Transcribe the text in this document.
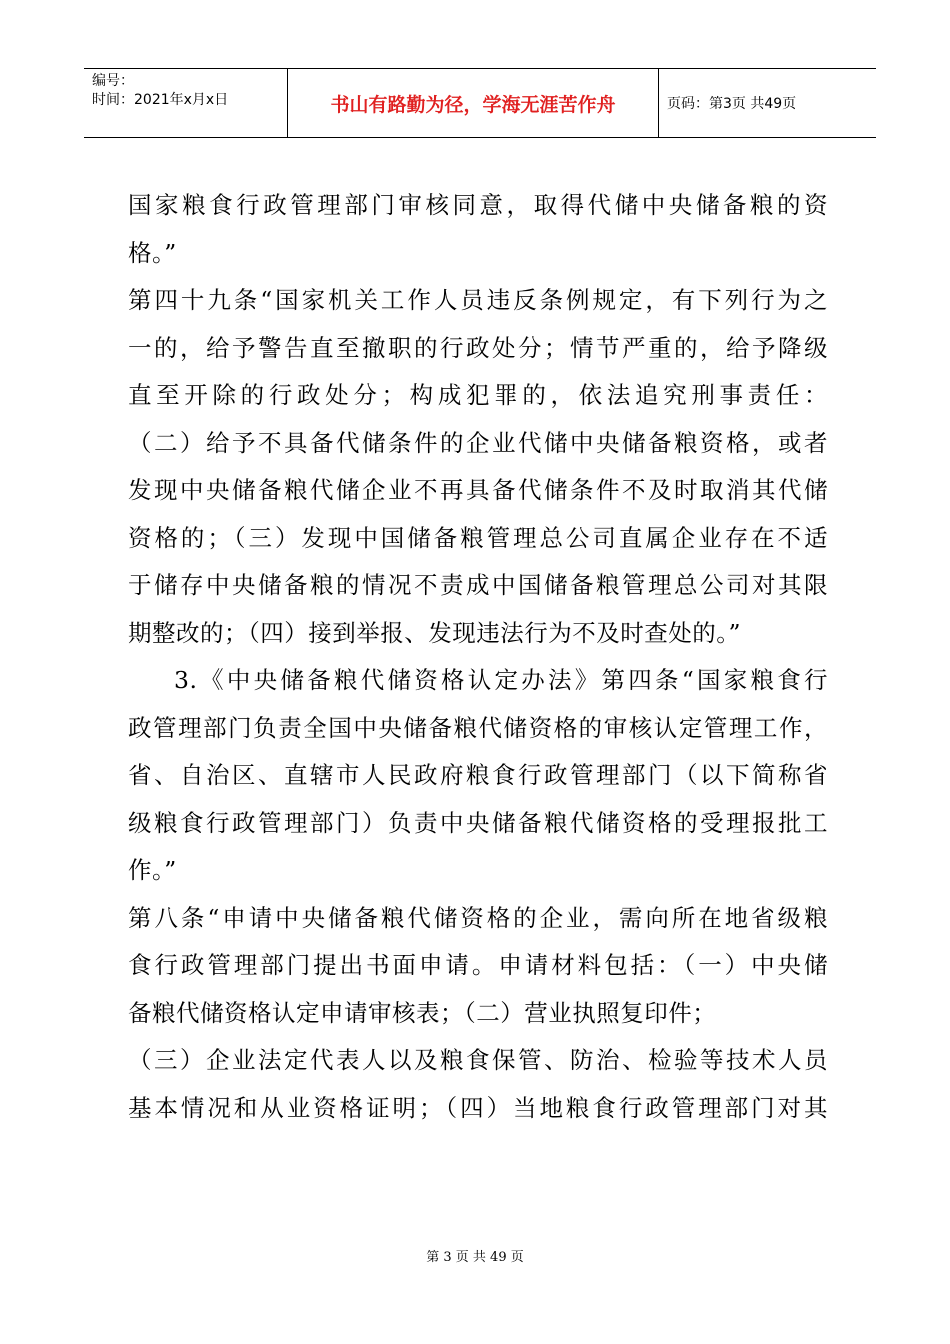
编号：
时间：2021年x月x日	书山有路勤为径，学海无涯苦作舟	页码：第3页 共49页
国家粮食行政管理部门审核同意，取得代储中央储备粮的资
格。”
第四十九条“国家机关工作人员违反条例规定，有下列行为之
一的，给予警告直至撤职的行政处分；情节严重的，给予降级
直至开除的行政处分；构成犯罪的，依法追究刑事责任：
（二）给予不具备代储条件的企业代储中央储备粮资格，或者
发现中央储备粮代储企业不再具备代储条件不及时取消其代储
资格的；（三）发现中国储备粮管理总公司直属企业存在不适
于储存中央储备粮的情况不责成中国储备粮管理总公司对其限
期整改的；（四）接到举报、发现违法行为不及时查处的。”
3.《中央储备粮代储资格认定办法》第四条“国家粮食行
政管理部门负责全国中央储备粮代储资格的审核认定管理工作，
省、自治区、直辖市人民政府粮食行政管理部门（以下简称省
级粮食行政管理部门）负责中央储备粮代储资格的受理报批工
作。”
第八条“申请中央储备粮代储资格的企业，需向所在地省级粮
食行政管理部门提出书面申请。申请材料包括：（一）中央储
备粮代储资格认定申请审核表；（二）营业执照复印件；
（三）企业法定代表人以及粮食保管、防治、检验等技术人员
基本情况和从业资格证明；（四）当地粮食行政管理部门对其
第 3 页 共 49 页
